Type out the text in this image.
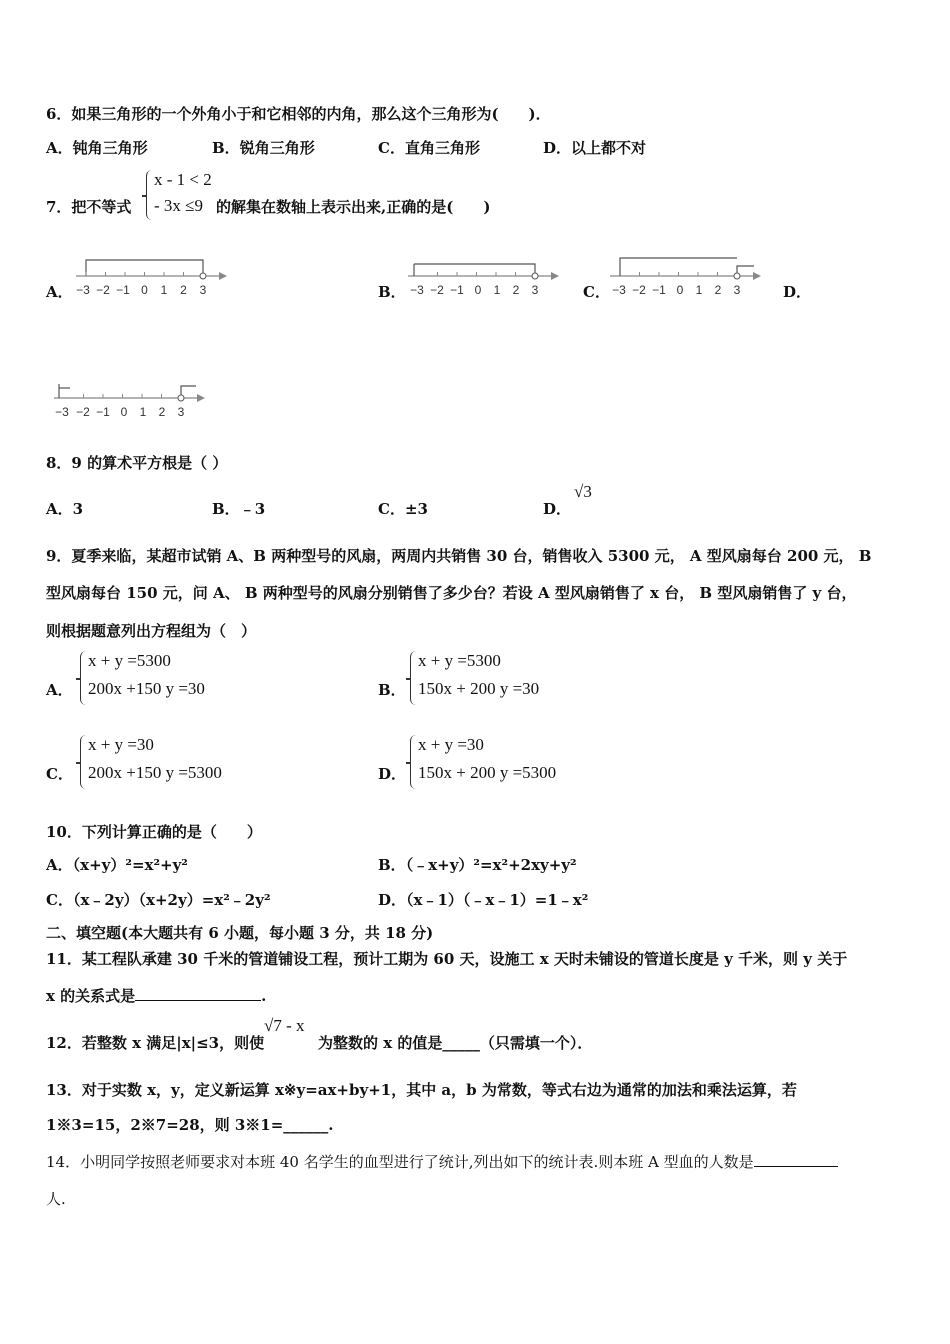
6．如果三角形的一个外角小于和它相邻的内角，那么这个三角形为(　　)．
A．钝角三角形	B．锐角三角形	C．直角三角形	D．以上都不对
7．把不等式
x - 1 < 2
- 3x ≤9 的解集在数轴上表示出来,正确的是(　　)
A． −3 −2 −1 0 1 2 3	B． −3 −2 −1 0 1 2 3	C． −3 −2 −1 0 1 2 3	D．
−3 −2 −1 0 1 2 3
8．9 的算术平方根是（ ）
A．3	B．﹣3	C．±3	D．
√3
9．夏季来临，某超市试销 A、B 两种型号的风扇，两周内共销售 30 台，销售收入 5300 元， A 型风扇每台 200 元， B
型风扇每台 150 元，问 A、 B 两种型号的风扇分别销售了多少台？若设 A 型风扇销售了 x 台， B 型风扇销售了 y 台，
则根据题意列出方程组为（　）
A．
x + y =5300
200x +150 y =30	B．
x + y =5300
150x + 200 y =30
C．
x + y =30
200x +150 y =5300	D．
x + y =30
150x + 200 y =5300
10．下列计算正确的是（　　）
A．（x+y）²=x²+y²	B．（﹣x+y）²=x²+2xy+y²
C．（x﹣2y）（x+2y）=x²﹣2y²	D．（x﹣1）（﹣x﹣1）=1﹣x²
二、填空题(本大题共有 6 小题，每小题 3 分，共 18 分)
11．某工程队承建 30 千米的管道铺设工程，预计工期为 60 天，设施工 x 天时未铺设的管道长度是 y 千米，则 y 关于
x 的关系式是	.
12．若整数 x 满足|x|≤3，则使
√7 - x
为整数的 x 的值是_____（只需填一个）．
13．对于实数 x，y，定义新运算 x※y=ax+by+1，其中 a，b 为常数，等式右边为通常的加法和乘法运算，若
1※3=15，2※7=28，则 3※1=______.
14．小明同学按照老师要求对本班 40 名学生的血型进行了统计,列出如下的统计表.则本班 A 型血的人数是
人.
